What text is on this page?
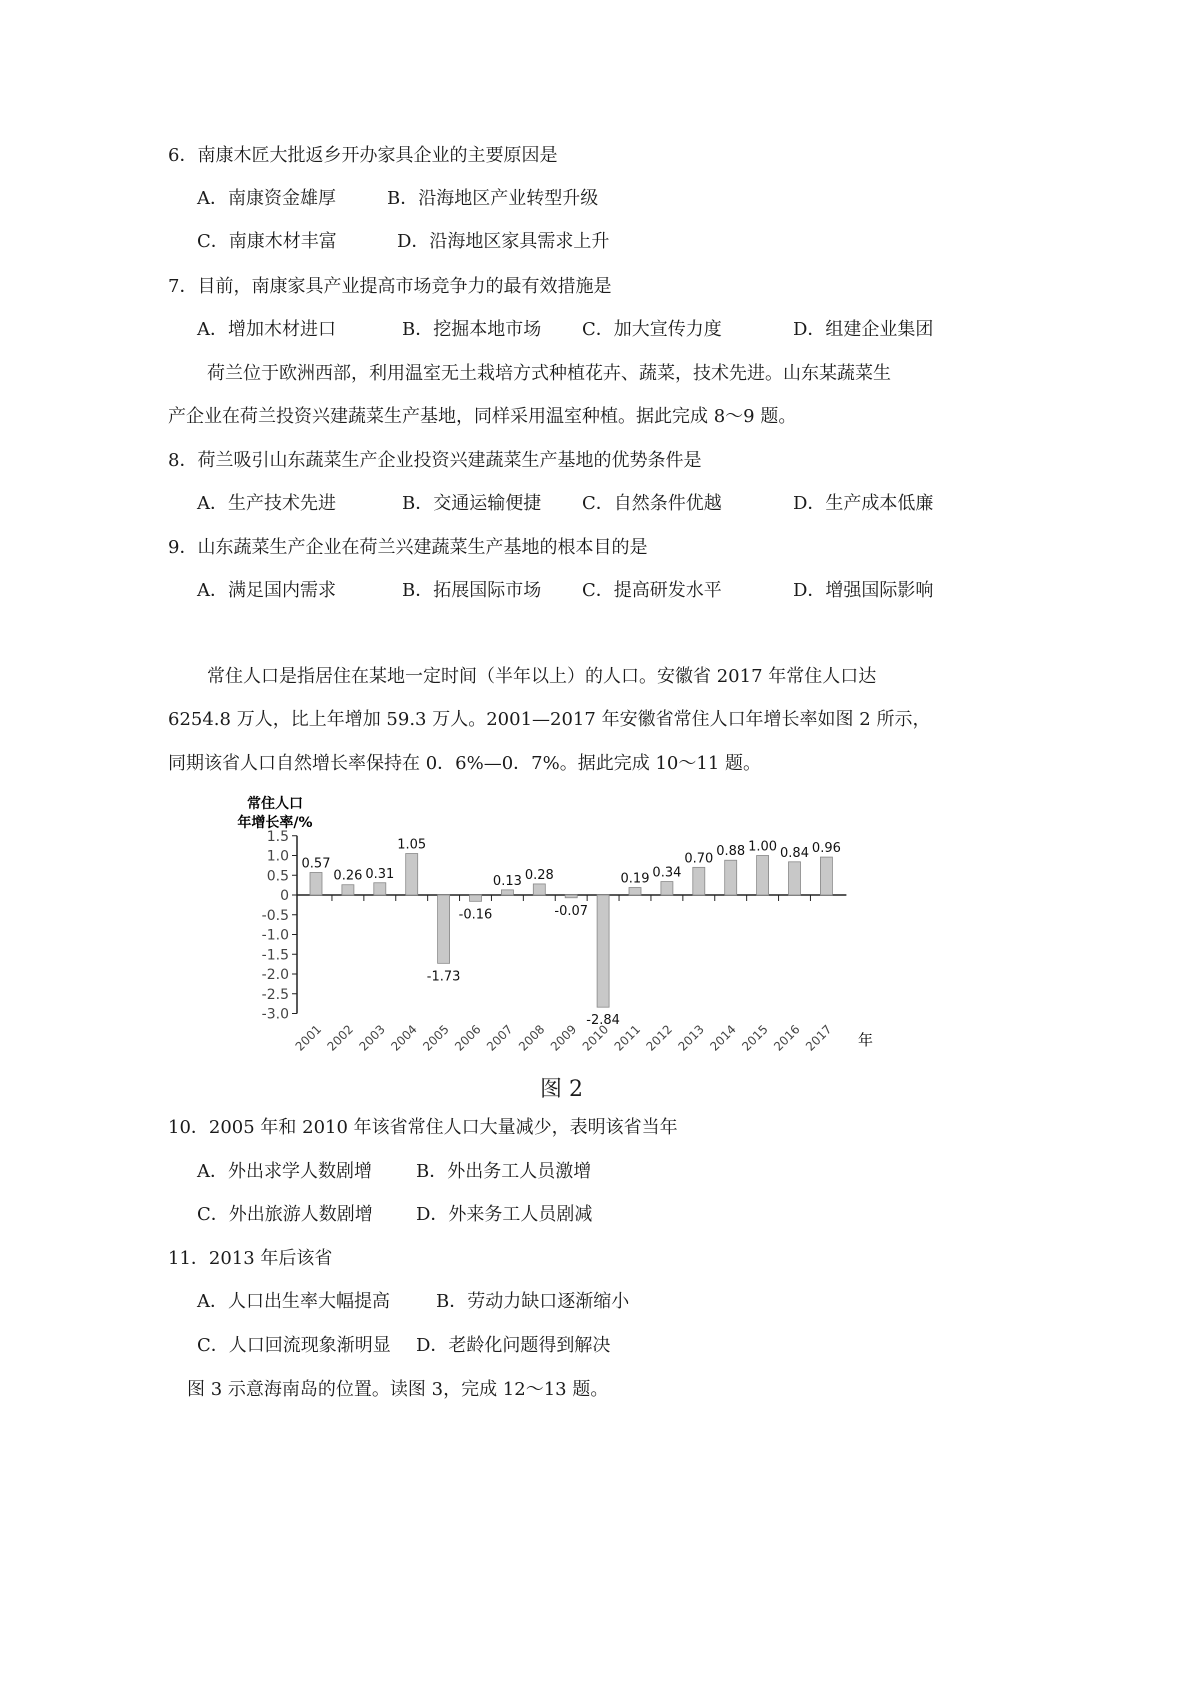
6．南康木匠大批返乡开办家具企业的主要原因是
A．南康资金雄厚	B．沿海地区产业转型升级
C．南康木材丰富	D．沿海地区家具需求上升
7．目前，南康家具产业提高市场竞争力的最有效措施是
A．增加木材进口	B．挖掘本地市场 C．加大宣传力度	D．组建企业集团
荷兰位于欧洲西部，利用温室无土栽培方式种植花卉、蔬菜，技术先进。山东某蔬菜生
产企业在荷兰投资兴建蔬菜生产基地，同样采用温室种植。据此完成 8～9 题。
8．荷兰吸引山东蔬菜生产企业投资兴建蔬菜生产基地的优势条件是
A．生产技术先进	B．交通运输便捷 C．自然条件优越	D．生产成本低廉
9．山东蔬菜生产企业在荷兰兴建蔬菜生产基地的根本目的是
A．满足国内需求	B．拓展国际市场 C．提高研发水平	D．增强国际影响
常住人口是指居住在某地一定时间（半年以上）的人口。安徽省 2017 年常住人口达
6254.8 万人，比上年增加 59.3 万人。2001—2017 年安徽省常住人口年增长率如图 2 所示，
同期该省人口自然增长率保持在 0．6%—0．7%。据此完成 10～11 题。
常住人口
年增长率/%
1.5
1.0
0.5
0
-0.5
-1.0
-1.5
-2.0
-2.5
-3.0
0.57
2001
0.26
2002
0.31
2003
1.05
2004
-1.73
2005
-0.16
2006
0.13
2007
0.28
2008
-0.07
2009
-2.84
2010
0.19
2011
0.34
2012
0.70
2013
0.88
2014
1.00
2015
0.84
2016
0.96
2017 年
图 2
10．2005 年和 2010 年该省常住人口大量减少，表明该省当年
A．外出求学人数剧增 B．外出务工人员激增
C．外出旅游人数剧增 D．外来务工人员剧减
11．2013 年后该省
A．人口出生率大幅提高	B．劳动力缺口逐渐缩小
C．人口回流现象渐明显 D．老龄化问题得到解决
图 3 示意海南岛的位置。读图 3，完成 12～13 题。
